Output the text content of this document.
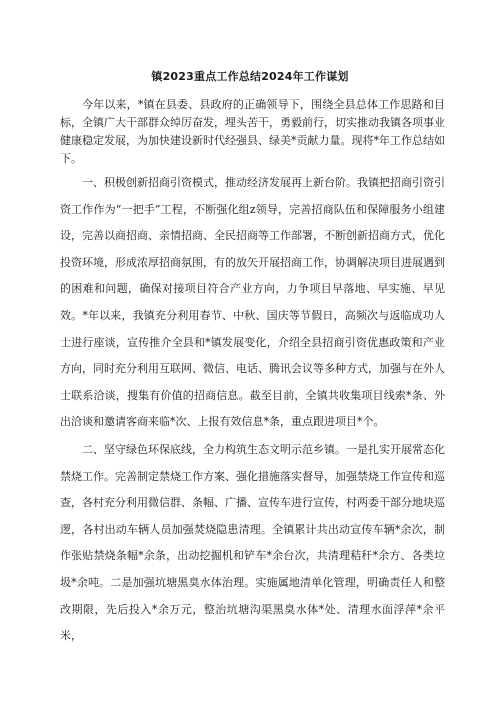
镇2023重点工作总结2024年工作谋划

今年以来，*镇在县委、县政府的正确领导下，围绕全县总体工作思路和目标，全镇广大干部群众绰厉奋发，埋头苦干，勇毅前行，切实推动我镇各项事业健康稳定发展，为加快建设新时代经强县、绿美*贡献力量。现将*年工作总结如下。

一、积极创新招商引资模式，推动经济发展再上新台阶。我镇把招商引资引资工作作为“一把手”工程，不断强化组z领导，完善招商队伍和保障服务小组建设，完善以商招商、亲情招商、全民招商等工作部署，不断创新招商方式，优化投资环境，形成浓厚招商氛围，有的放矢开展招商工作，协调解决项目进展遇到的困难和问题，确保对接项目符合产业方向，力争项目早落地、早实施、早见效。*年以来，我镇充分利用春节、中秋、国庆等节假日，高频次与返临成功人士进行座谈，宣传推介全县和*镇发展变化，介绍全县招商引资优惠政策和产业方向，同时充分利用互联网、微信、电话、腾讯会议等多种方式，加强与在外人士联系洽谈，搜集有价值的招商信息。截至目前，全镇共收集项目线索*条、外出洽谈和邀请客商来临*次、上报有效信息*条，重点跟进项目*个。

二、坚守绿色环保底线，全力构筑生态文明示范乡镇。一是扎实开展常态化禁烧工作。完善制定禁烧工作方案、强化措施落实督导，加强禁烧工作宣传和巡查，各村充分利用微信群、条幅、广播、宣传车进行宣传，村两委干部分地块巡逻，各村出动车辆人员加强焚烧隐患清理。全镇累计共出动宣传车辆*余次，制作张贴禁烧条幅*余条，出动挖掘机和铲车*余台次，共清理秸秆*余方、各类垃圾*余吨。二是加强坑塘黑臭水体治理。实施属地清单化管理，明确责任人和整改期限，先后投入*余万元，整治坑塘沟渠黑臭水体*处、清理水面浮萍*余平米，
